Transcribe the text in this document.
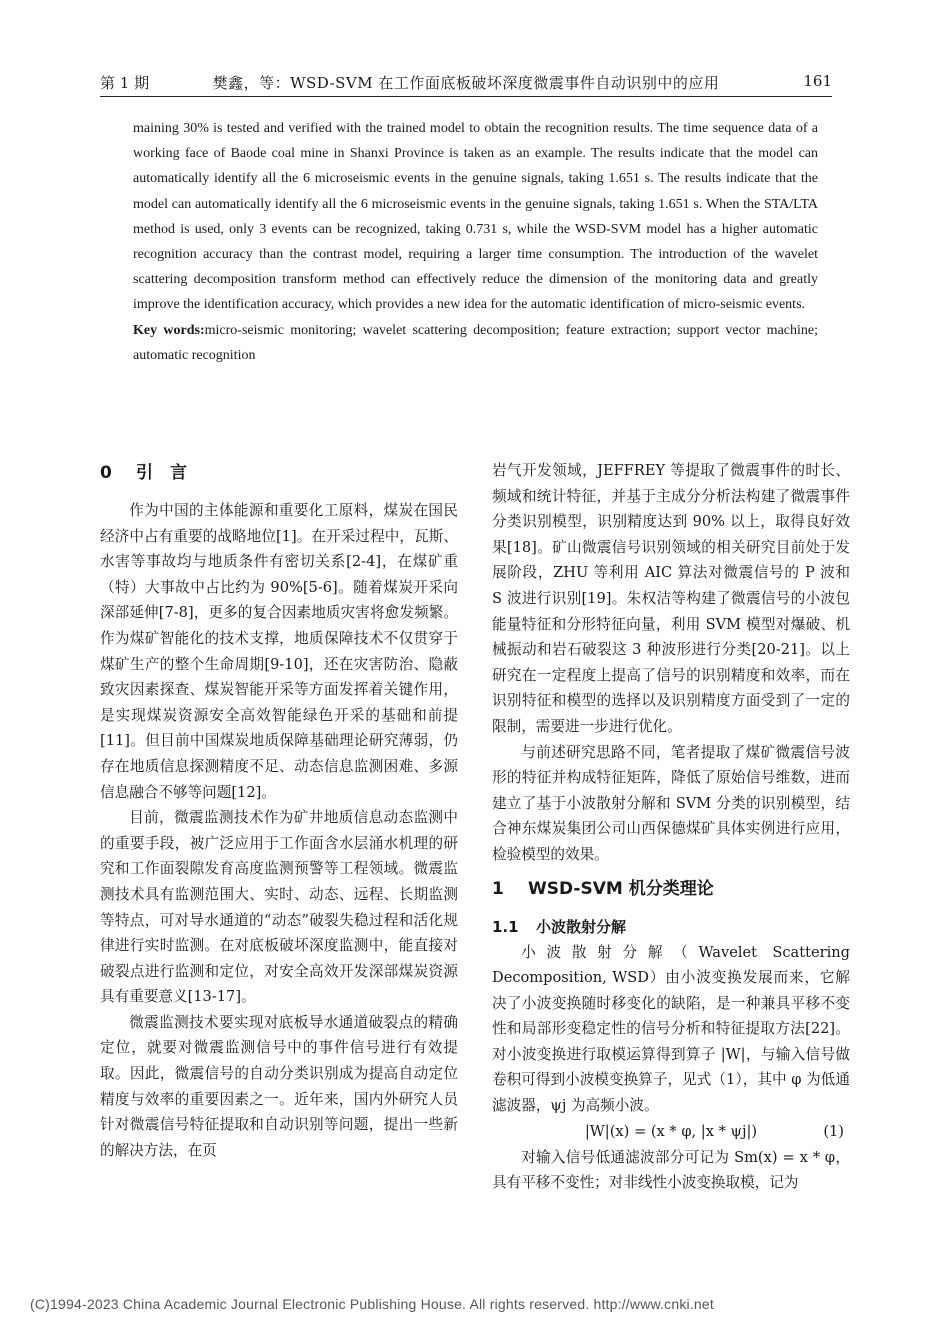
第 1 期	樊鑫，等：WSD-SVM 在工作面底板破坏深度微震事件自动识别中的应用	161

maining 30% is tested and verified with the trained model to obtain the recognition results. The time sequence data of a working face of Baode coal mine in Shanxi Province is taken as an example. The results indicate that the model can automatically identify all the 6 microseismic events in the genuine signals, taking 1.651 s. The results indicate that the model can automatically identify all the 6 microseismic events in the genuine signals, taking 1.651 s. When the STA/LTA method is used, only 3 events can be recognized, taking 0.731 s, while the WSD-SVM model has a higher automatic recognition accuracy than the contrast model, requiring a larger time consumption. The introduction of the wavelet scattering decomposition transform method can effectively reduce the dimension of the monitoring data and greatly improve the identification accuracy, which provides a new idea for the automatic identification of micro-seismic events.

Key words:micro-seismic monitoring; wavelet scattering decomposition; feature extraction; support vector machine; automatic recognition

0 引　言

作为中国的主体能源和重要化工原料，煤炭在国民经济中占有重要的战略地位[1]。在开采过程中，瓦斯、水害等事故均与地质条件有密切关系[2-4]，在煤矿重（特）大事故中占比约为 90%[5-6]。随着煤炭开采向深部延伸[7-8]，更多的复合因素地质灾害将愈发频繁。作为煤矿智能化的技术支撑，地质保障技术不仅贯穿于煤矿生产的整个生命周期[9-10]，还在灾害防治、隐蔽致灾因素探查、煤炭智能开采等方面发挥着关键作用，是实现煤炭资源安全高效智能绿色开采的基础和前提[11]。但目前中国煤炭地质保障基础理论研究薄弱，仍存在地质信息探测精度不足、动态信息监测困难、多源信息融合不够等问题[12]。

目前，微震监测技术作为矿井地质信息动态监测中的重要手段，被广泛应用于工作面含水层涌水机理的研究和工作面裂隙发育高度监测预警等工程领域。微震监测技术具有监测范围大、实时、动态、远程、长期监测等特点，可对导水通道的“动态”破裂失稳过程和活化规律进行实时监测。在对底板破坏深度监测中，能直接对破裂点进行监测和定位，对安全高效开发深部煤炭资源具有重要意义[13-17]。

微震监测技术要实现对底板导水通道破裂点的精确定位，就要对微震监测信号中的事件信号进行有效提取。因此，微震信号的自动分类识别成为提高自动定位精度与效率的重要因素之一。近年来，国内外研究人员针对微震信号特征提取和自动识别等问题，提出一些新的解决方法，在页

岩气开发领域，JEFFREY 等提取了微震事件的时长、频域和统计特征，并基于主成分分析法构建了微震事件分类识别模型，识别精度达到 90% 以上，取得良好效果[18]。矿山微震信号识别领域的相关研究目前处于发展阶段，ZHU 等利用 AIC 算法对微震信号的 P 波和 S 波进行识别[19]。朱权洁等构建了微震信号的小波包能量特征和分形特征向量，利用 SVM 模型对爆破、机械振动和岩石破裂这 3 种波形进行分类[20-21]。以上研究在一定程度上提高了信号的识别精度和效率，而在识别特征和模型的选择以及识别精度方面受到了一定的限制，需要进一步进行优化。

与前述研究思路不同，笔者提取了煤矿微震信号波形的特征并构成特征矩阵，降低了原始信号维数，进而建立了基于小波散射分解和 SVM 分类的识别模型，结合神东煤炭集团公司山西保德煤矿具体实例进行应用，检验模型的效果。

1 WSD-SVM 机分类理论
1.1 小波散射分解

小波散射分解（Wavelet Scattering Decomposition, WSD）由小波变换发展而来，它解决了小波变换随时移变化的缺陷，是一种兼具平移不变性和局部形变稳定性的信号分析和特征提取方法[22]。对小波变换进行取模运算得到算子 |W|，与输入信号做卷积可得到小波模变换算子，见式（1），其中 φ 为低通滤波器，ψj 为高频小波。

|W|(x) = (x * φ, |x * ψj|)	(1)

对输入信号低通滤波部分可记为 Sm(x) = x * φ，具有平移不变性；对非线性小波变换取模，记为

(C)1994-2023 China Academic Journal Electronic Publishing House. All rights reserved. http://www.cnki.net
